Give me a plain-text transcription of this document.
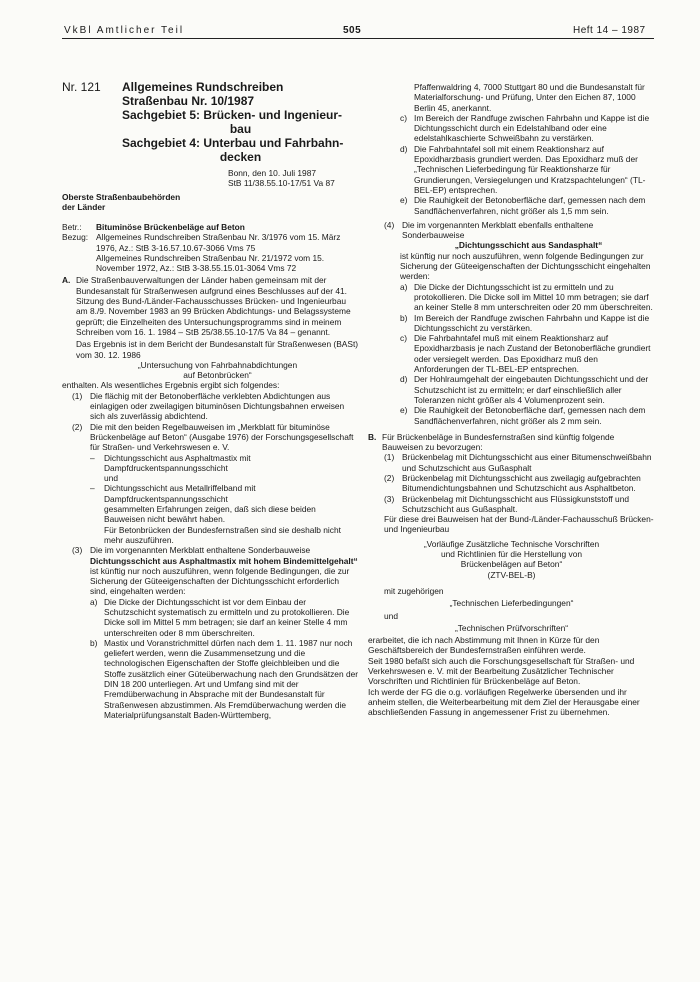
VkBl Amtlicher Teil	505	Heft 14 – 1987
Nr. 121	Allgemeines Rundschreiben

Straßenbau Nr. 10/1987

Sachgebiet 5: Brücken- und Ingenieur-

bau

Sachgebiet 4: Unterbau und Fahrbahn-

decken

Bonn, den 10. Juli 1987

StB 11/38.55.10-17/51 Va 87

Oberste Straßenbaubehörden

der Länder

Betr.:	Bituminöse Brückenbeläge auf Beton
Bezug: Allgemeines Rundschreiben Straßenbau Nr. 3/1976 vom 15. März 1976, Az.: StB 3-16.57.10.67-3066 Vms 75

Allgemeines Rundschreiben Straßenbau Nr. 21/1972 vom 15. November 1972, Az.: StB 3-38.55.15.01-3064 Vms 72

A. Die Straßenbauverwaltungen der Länder haben gemeinsam mit der Bundesanstalt für Straßenwesen aufgrund eines Beschlusses auf der 41. Sitzung des Bund-/Länder-Fachausschusses Brücken- und Ingenieurbau am 8./9. November 1983 an 99 Brücken Abdichtungs- und Belagssysteme geprüft; die Einzelheiten des Untersuchungsprogramms sind in meinem Schreiben vom 16. 1. 1984 – StB 25/38.55.10-17/5 Va 84 – genannt.

Das Ergebnis ist in dem Bericht der Bundesanstalt für Straßenwesen (BASt) vom 30. 12. 1986

„Untersuchung von Fahrbahnabdichtungen

auf Betonbrücken“

enthalten. Als wesentliches Ergebnis ergibt sich folgendes:

(1) Die flächig mit der Betonoberfläche verklebten Abdichtungen aus einlagigen oder zweilagigen bituminösen Dichtungsbahnen erweisen sich als zuverlässig abdichtend.
(2) Die mit den beiden Regelbauweisen im „Merkblatt für bituminöse Brückenbeläge auf Beton“ (Ausgabe 1976) der Forschungsgesellschaft für Straßen- und Verkehrswesen e. V.

–	Dichtungsschicht aus Asphaltmastix mit Dampfdruckentspannungsschicht

und

–	Dichtungsschicht aus Metallriffelband mit Dampfdruckentspannungsschicht

gesammelten Erfahrungen zeigen, daß sich diese beiden Bauweisen nicht bewährt haben.

Für Betonbrücken der Bundesfernstraßen sind sie deshalb nicht mehr auszuführen.

(3) Die im vorgenannten Merkblatt enthaltene Sonderbauweise

Dichtungsschicht aus Asphaltmastix mit hohem Bindemittelgehalt“

ist künftig nur noch auszuführen, wenn folgende Bedingungen, die zur Sicherung der Güteeigenschaften der Dichtungsschicht erforderlich sind, eingehalten werden:

a) Die Dicke der Dichtungsschicht ist vor dem Einbau der Schutzschicht systematisch zu ermitteln und zu protokollieren. Die Dicke soll im Mittel 5 mm betragen; sie darf an keiner Stelle 4 mm unterschreiten oder 8 mm überschreiten.
b) Mastix und Voranstrichmittel dürfen nach dem 1. 11. 1987 nur noch geliefert werden, wenn die Zusammensetzung und die technologischen Eigenschaften der Stoffe gleichbleiben und die Stoffe zusätzlich einer Güteüberwachung nach den Grundsätzen der DIN 18 200 unterliegen. Art und Umfang sind mit der Fremdüberwachung in Absprache mit der Bundesanstalt für Straßenwesen abzustimmen. Als Fremdüberwachung werden die Materialprüfungsanstalt Baden-Württemberg,

Pfaffenwaldring 4, 7000 Stuttgart 80 und die Bundesanstalt für Materialforschung- und Prüfung, Unter den Eichen 87, 1000 Berlin 45, anerkannt.

c) Im Bereich der Randfuge zwischen Fahrbahn und Kappe ist die Dichtungsschicht durch ein Edelstahlband oder eine edelstahlkaschierte Schweißbahn zu verstärken.
d) Die Fahrbahntafel soll mit einem Reaktionsharz auf Epoxidharzbasis grundiert werden. Das Epoxidharz muß der „Technischen Lieferbedingung für Reaktionsharze für Grundierungen, Versiegelungen und Kratzspachtelungen“ (TL-BEL-EP) entsprechen.
e) Die Rauhigkeit der Betonoberfläche darf, gemessen nach dem Sandflächenverfahren, nicht größer als 1,5 mm sein.
(4) Die im vorgenannten Merkblatt ebenfalls enthaltene Sonderbauweise

„Dichtungsschicht aus Sandasphalt“

ist künftig nur noch auszuführen, wenn folgende Bedingungen zur Sicherung der Güteeigenschaften der Dichtungsschicht eingehalten werden:

a) Die Dicke der Dichtungsschicht ist zu ermitteln und zu protokollieren. Die Dicke soll im Mittel 10 mm betragen; sie darf an keiner Stelle 8 mm unterschreiten oder 20 mm überschreiten.
b) Im Bereich der Randfuge zwischen Fahrbahn und Kappe ist die Dichtungsschicht zu verstärken.
c) Die Fahrbahntafel muß mit einem Reaktionsharz auf Epoxidharzbasis je nach Zustand der Betonoberfläche grundiert oder versiegelt werden. Das Epoxidharz muß den Anforderungen der TL-BEL-EP entsprechen.
d) Der Hohlraumgehalt der eingebauten Dichtungsschicht und der Schutzschicht ist zu ermitteln; er darf einschließlich aller Toleranzen nicht größer als 4 Volumenprozent sein.
e) Die Rauhigkeit der Betonoberfläche darf, gemessen nach dem Sandflächenverfahren, nicht größer als 2 mm sein.
B. Für Brückenbeläge in Bundesfernstraßen sind künftig folgende Bauweisen zu bevorzugen:
(1) Brückenbelag mit Dichtungsschicht aus einer Bitumenschweißbahn und Schutzschicht aus Gußasphalt
(2) Brückenbelag mit Dichtungsschicht aus zweilagig aufgebrachten Bitumendichtungsbahnen und Schutzschicht aus Asphaltbeton.
(3) Brückenbelag mit Dichtungsschicht aus Flüssigkunststoff und Schutzschicht aus Gußasphalt.

Für diese drei Bauweisen hat der Bund-/Länder-Fachausschuß Brücken- und Ingenieurbau

„Vorläufige Zusätzliche Technische Vorschriften

und Richtlinien für die Herstellung von

Brückenbelägen auf Beton“

(ZTV-BEL-B)

mit zugehörigen

„Technischen Lieferbedingungen“

und

„Technischen Prüfvorschriften“

erarbeitet, die ich nach Abstimmung mit Ihnen in Kürze für den Geschäftsbereich der Bundesfernstraßen einführen werde.

Seit 1980 befaßt sich auch die Forschungsgesellschaft für Straßen- und Verkehrswesen e. V. mit der Bearbeitung Zusätzlicher Technischer Vorschriften und Richtlinien für Brückenbeläge auf Beton.

Ich werde der FG die o.g. vorläufigen Regelwerke übersenden und ihr anheim stellen, die Weiterbearbeitung mit dem Ziel der Herausgabe einer abschließenden Fassung in angemessener Frist zu übernehmen.
